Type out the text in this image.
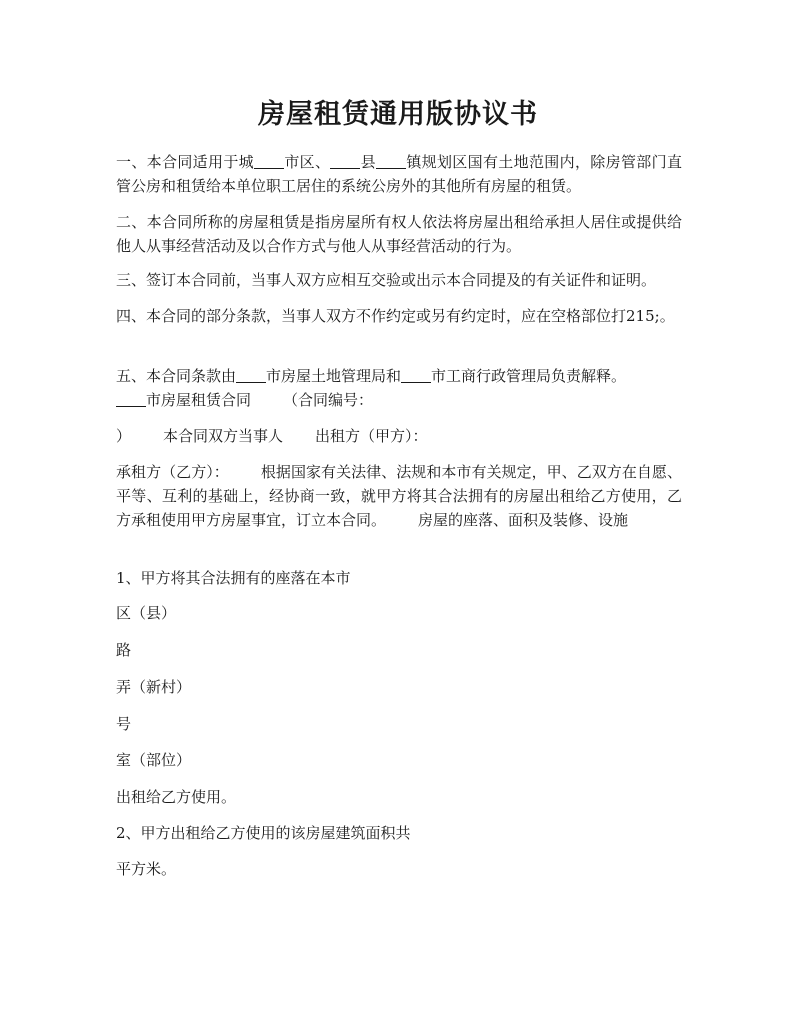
房屋租赁通用版协议书

一、本合同适用于城 市区、 县 镇规划区国有土地范围内，除房管部门直管公房和租赁给本单位职工居住的系统公房外的其他所有房屋的租赁。

二、本合同所称的房屋租赁是指房屋所有权人依法将房屋出租给承担人居住或提供给他人从事经营活动及以合作方式与他人从事经营活动的行为。

三、签订本合同前，当事人双方应相互交验或出示本合同提及的有关证件和证明。

四、本合同的部分条款，当事人双方不作约定或另有约定时，应在空格部位打215;。

五、本合同条款由 市房屋土地管理局和 市工商行政管理局负责解释。
市房屋租赁合同 （合同编号：

） 本合同双方当事人 出租方（甲方）：

承租方（乙方）： 根据国家有关法律、法规和本市有关规定，甲、乙双方在自愿、平等、互利的基础上，经协商一致，就甲方将其合法拥有的房屋出租给乙方使用，乙方承租使用甲方房屋事宜，订立本合同。 房屋的座落、面积及装修、设施

1、甲方将其合法拥有的座落在本市

区（县）

路

弄（新村）

号

室（部位）

出租给乙方使用。

2、甲方出租给乙方使用的该房屋建筑面积共

平方米。
